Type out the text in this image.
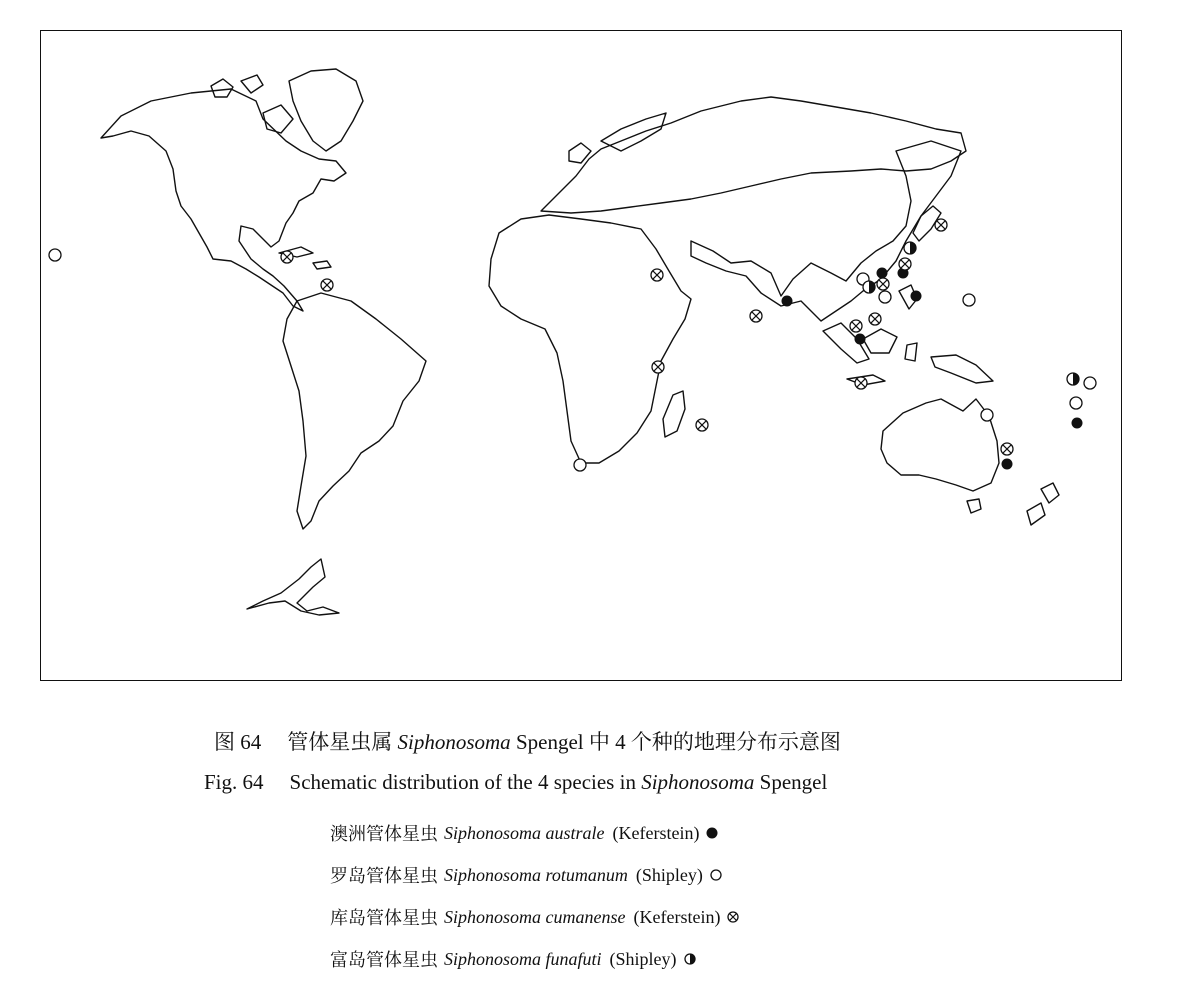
图 64 管体星虫属 Siphonosoma Spengel 中 4 个种的地理分布示意图
Fig. 64 Schematic distribution of the 4 species in Siphonosoma Spengel
澳洲管体星虫 Siphonosoma australe (Keferstein)
罗岛管体星虫 Siphonosoma rotumanum (Shipley)
库岛管体星虫 Siphonosoma cumanense (Keferstein)
富岛管体星虫 Siphonosoma funafuti (Shipley)
